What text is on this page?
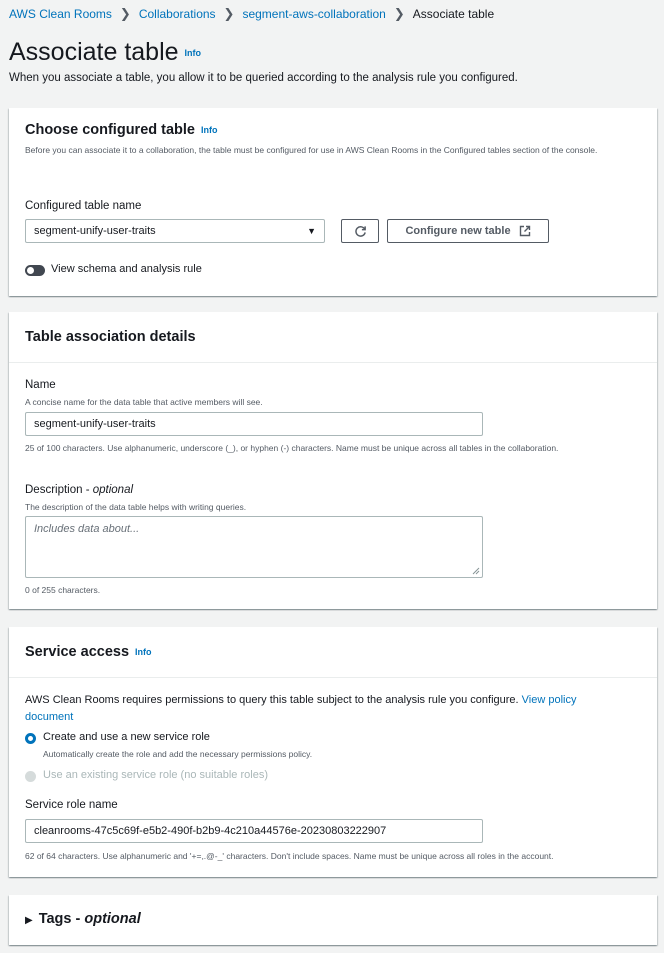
AWS Clean Rooms ❯ Collaborations ❯ segment-aws-collaboration ❯ Associate table
Associate table Info
When you associate a table, you allow it to be queried according to the analysis rule you configured.
Choose configured table Info
Before you can associate it to a collaboration, the table must be configured for use in AWS Clean Rooms in the Configured tables section of the console.
Configured table name
segment-unify-user-traits	▼	Configure new table
View schema and analysis rule
Table association details
Name
A concise name for the data table that active members will see.
segment-unify-user-traits
25 of 100 characters. Use alphanumeric, underscore (_), or hyphen (-) characters. Name must be unique across all tables in the collaboration.
Description - optional
The description of the data table helps with writing queries.
Includes data about...
0 of 255 characters.
Service access Info
AWS Clean Rooms requires permissions to query this table subject to the analysis rule you configure. View policy document
Create and use a new service role
Automatically create the role and add the necessary permissions policy.
Use an existing service role (no suitable roles)
Service role name
cleanrooms-47c5c69f-e5b2-490f-b2b9-4c210a44576e-20230803222907
62 of 64 characters. Use alphanumeric and '+=,.@-_' characters. Don't include spaces. Name must be unique across all roles in the account.
▶ Tags - optional
